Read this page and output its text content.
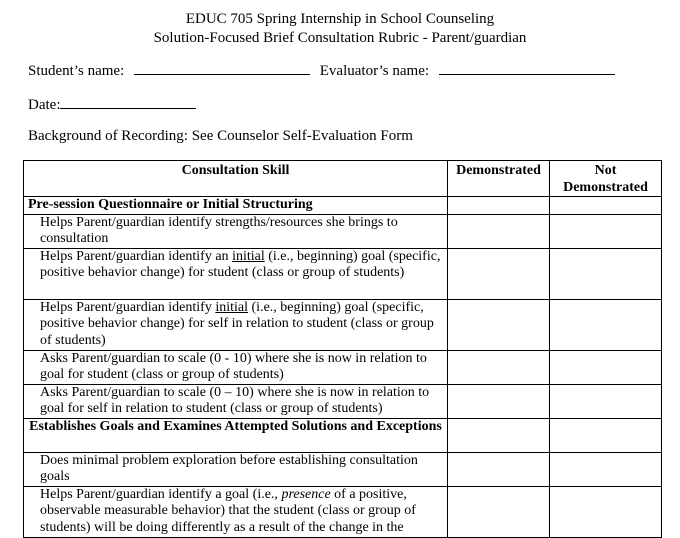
EDUC 705 Spring Internship in School Counseling
Solution-Focused Brief Consultation Rubric - Parent/guardian
Student’s name:	Evaluator’s name:
Date:
Background of Recording: See Counselor Self-Evaluation Form
Consultation Skill	Demonstrated	Not Demonstrated
Pre-session Questionnaire or Initial Structuring		
Helps Parent/guardian identify strengths/resources she brings to consultation		
Helps Parent/guardian identify an initial (i.e., beginning) goal (specific, positive behavior change) for student (class or group of students)		
Helps Parent/guardian identify initial (i.e., beginning) goal (specific, positive behavior change) for self in relation to student (class or group of students)		
Asks Parent/guardian to scale (0 - 10) where she is now in relation to goal for student (class or group of students)		
Asks Parent/guardian to scale (0 – 10) where she is now in relation to goal for self in relation to student (class or group of students)		
Establishes Goals and Examines Attempted Solutions and Exceptions		
Does minimal problem exploration before establishing consultation goals		
Helps Parent/guardian identify a goal (i.e., presence of a positive, observable measurable behavior) that the student (class or group of students) will be doing differently as a result of the change in the		
